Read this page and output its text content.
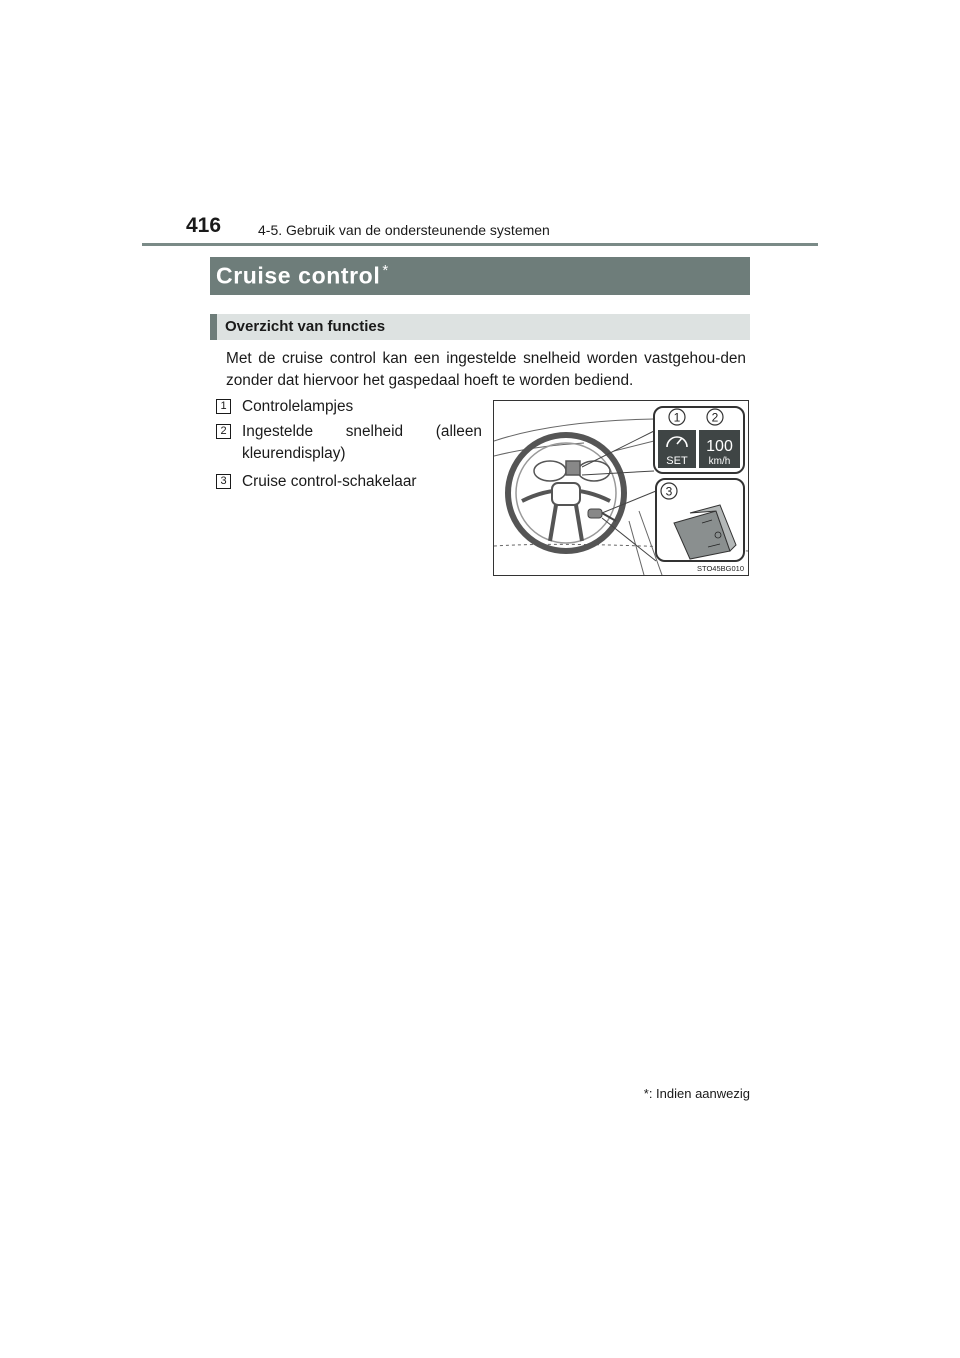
416	4-5. Gebruik van de ondersteunende systemen
Cruise control *
Overzicht van functies
Met de cruise control kan een ingestelde snelheid worden vastgehou-den zonder dat hiervoor het gaspedaal hoeft te worden bediend.
1 Controlelampjes
2 Ingestelde snelheid (alleen
kleurendisplay)
3 Cruise control-schakelaar
1	2
SET
100
km/h
3
STO45BG010
*: Indien aanwezig
